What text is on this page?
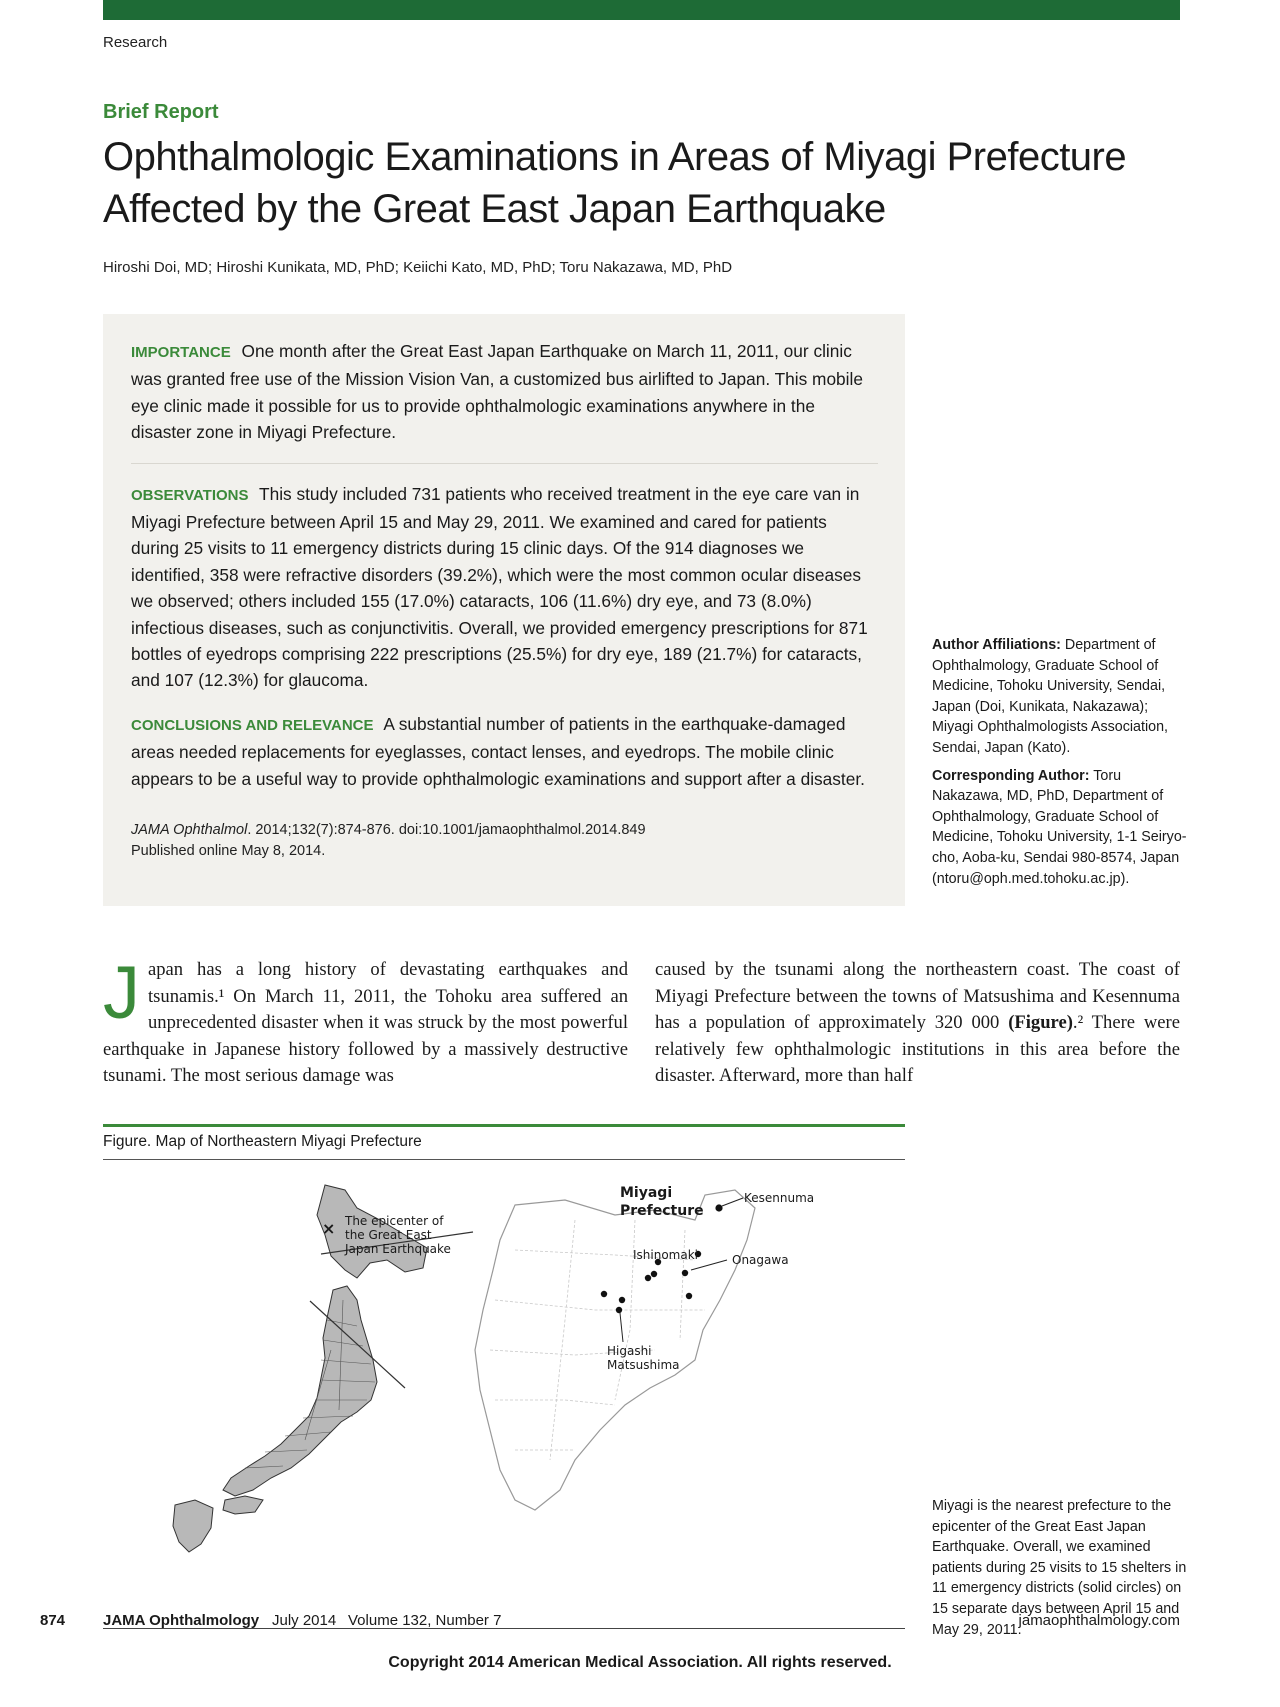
Research
Brief Report
Ophthalmologic Examinations in Areas of Miyagi Prefecture Affected by the Great East Japan Earthquake
Hiroshi Doi, MD; Hiroshi Kunikata, MD, PhD; Keiichi Kato, MD, PhD; Toru Nakazawa, MD, PhD

IMPORTANCE One month after the Great East Japan Earthquake on March 11, 2011, our clinic was granted free use of the Mission Vision Van, a customized bus airlifted to Japan. This mobile eye clinic made it possible for us to provide ophthalmologic examinations anywhere in the disaster zone in Miyagi Prefecture.

OBSERVATIONS This study included 731 patients who received treatment in the eye care van in Miyagi Prefecture between April 15 and May 29, 2011. We examined and cared for patients during 25 visits to 11 emergency districts during 15 clinic days. Of the 914 diagnoses we identified, 358 were refractive disorders (39.2%), which were the most common ocular diseases we observed; others included 155 (17.0%) cataracts, 106 (11.6%) dry eye, and 73 (8.0%) infectious diseases, such as conjunctivitis. Overall, we provided emergency prescriptions for 871 bottles of eyedrops comprising 222 prescriptions (25.5%) for dry eye, 189 (21.7%) for cataracts, and 107 (12.3%) for glaucoma.

CONCLUSIONS AND RELEVANCE A substantial number of patients in the earthquake-damaged areas needed replacements for eyeglasses, contact lenses, and eyedrops. The mobile clinic appears to be a useful way to provide ophthalmologic examinations and support after a disaster.

JAMA Ophthalmol. 2014;132(7):874-876. doi:10.1001/jamaophthalmol.2014.849
Published online May 8, 2014.

Author Affiliations: Department of Ophthalmology, Graduate School of Medicine, Tohoku University, Sendai, Japan (Doi, Kunikata, Nakazawa); Miyagi Ophthalmologists Association, Sendai, Japan (Kato).

Corresponding Author: Toru Nakazawa, MD, PhD, Department of Ophthalmology, Graduate School of Medicine, Tohoku University, 1-1 Seiryo-cho, Aoba-ku, Sendai 980-8574, Japan (ntoru@oph.med.tohoku.ac.jp).

Japan has a long history of devastating earthquakes and tsunamis.¹ On March 11, 2011, the Tohoku area suffered an unprecedented disaster when it was struck by the most powerful earthquake in Japanese history followed by a massively destructive tsunami. The most serious damage was
caused by the tsunami along the northeastern coast. The coast of Miyagi Prefecture between the towns of Matsushima and Kesennuma has a population of approximately 320 000 (Figure).² There were relatively few ophthalmologic institutions in this area before the disaster. Afterward, more than half
Figure. Map of Northeastern Miyagi Prefecture
× The epicenter of
the Great East
Japan Earthquake
Miyagi
Prefecture
Kesennuma
Ishinomaki	Onagawa
Higashi
Matsushima
Miyagi is the nearest prefecture to the epicenter of the Great East Japan Earthquake. Overall, we examined patients during 25 visits to 15 shelters in 11 emergency districts (solid circles) on 15 separate days between April 15 and May 29, 2011.
874	JAMA Ophthalmology July 2014 Volume 132, Number 7	jamaophthalmology.com
Copyright 2014 American Medical Association. All rights reserved.
